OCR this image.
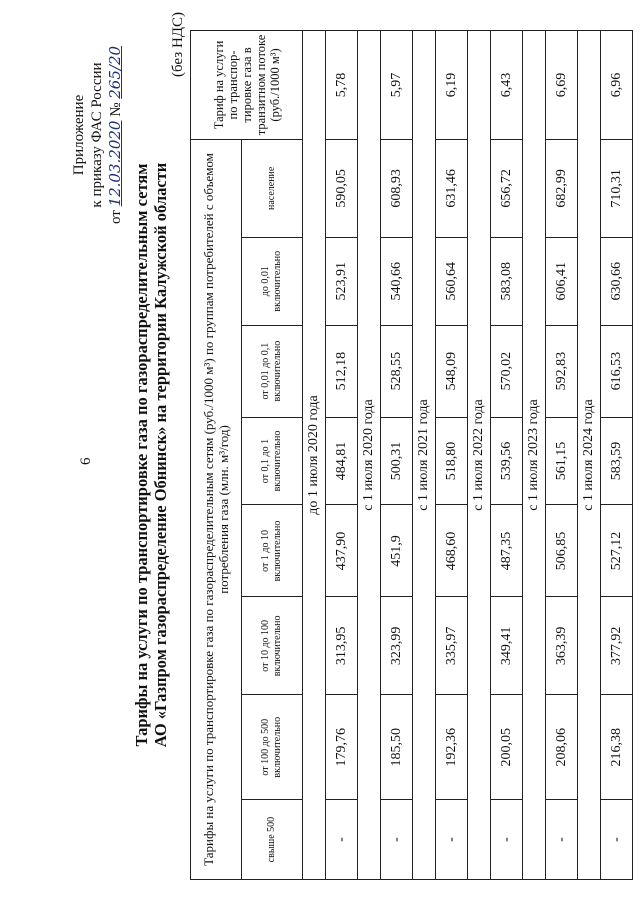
6
Приложение к приказу ФАС России
от 12.03.2020 № 265/20
Тарифы на услуги по транспортировке газа по газораспределительным сетям АО «Газпром газораспределение Обнинск» на территории Калужской области
(без НДС)
Тарифы на услуги по транспортировке газа по газораспределительным сетям (руб./1000 м³) по группам потребителей с объемом потребления газа (млн. м³/год)								Тариф на услуги по транспор-тировке газа в транзитном потоке (руб./1000 м³)
свыше 500	от 100 до 500 включительно	от 10 до 100 включительно	от 1 до 10 включительно	от 0,1 до 1 включительно	от 0,01 до 0,1 включительно	до 0,01 включительно	население	
до 1 июля 2020 года								
-	179,76	313,95	437,90	484,81	512,18	523,91	590,05	5,78
с 1 июля 2020 года								
-	185,50	323,99	451,9	500,31	528,55	540,66	608,93	5,97
с 1 июля 2021 года								
-	192,36	335,97	468,60	518,80	548,09	560,64	631,46	6,19
с 1 июля 2022 года								
-	200,05	349,41	487,35	539,56	570,02	583,08	656,72	6,43
с 1 июля 2023 года								
-	208,06	363,39	506,85	561,15	592,83	606,41	682,99	6,69
с 1 июля 2024 года								
-	216,38	377,92	527,12	583,59	616,53	630,66	710,31	6,96
